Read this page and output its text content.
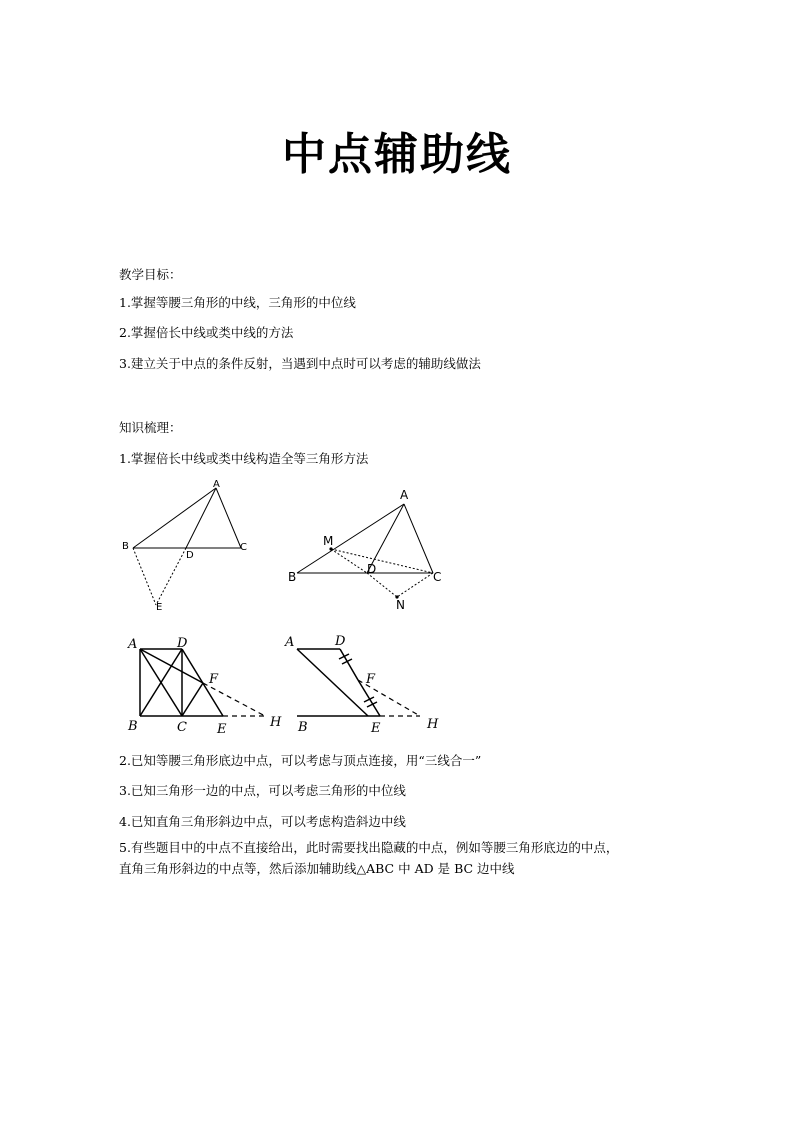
中点辅助线
教学目标：
1.掌握等腰三角形的中线，三角形的中位线
2.掌握倍长中线或类中线的方法
3.建立关于中点的条件反射，当遇到中点时可以考虑的辅助线做法
知识梳理：
1.掌握倍长中线或类中线构造全等三角形方法
A
B	C
D
E
A
B	C
D
M
N
A	D
F
B	C E	H
A	D
F
B	E	H
2.已知等腰三角形底边中点，可以考虑与顶点连接，用“三线合一”
3.已知三角形一边的中点，可以考虑三角形的中位线
4.已知直角三角形斜边中点，可以考虑构造斜边中线
5.有些题目中的中点不直接给出，此时需要找出隐藏的中点，例如等腰三角形底边的中点，
直角三角形斜边的中点等，然后添加辅助线△ABC 中 AD 是 BC 边中线
